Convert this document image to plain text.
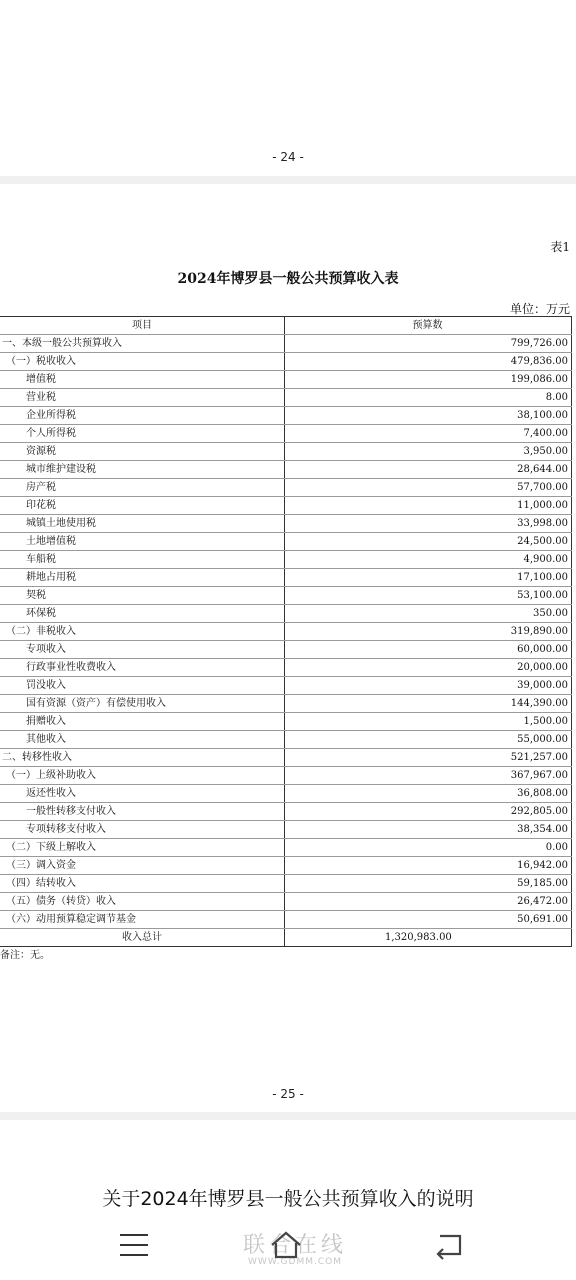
- 24 -
表1
2024年博罗县一般公共预算收入表
单位：万元
项目	预算数
一、本级一般公共预算收入	799,726.00
（一）税收收入	479,836.00
增值税	199,086.00
营业税	8.00
企业所得税	38,100.00
个人所得税	7,400.00
资源税	3,950.00
城市维护建设税	28,644.00
房产税	57,700.00
印花税	11,000.00
城镇土地使用税	33,998.00
土地增值税	24,500.00
车船税	4,900.00
耕地占用税	17,100.00
契税	53,100.00
环保税	350.00
（二）非税收入	319,890.00
专项收入	60,000.00
行政事业性收费收入	20,000.00
罚没收入	39,000.00
国有资源（资产）有偿使用收入	144,390.00
捐赠收入	1,500.00
其他收入	55,000.00
二、转移性收入	521,257.00
（一）上级补助收入	367,967.00
返还性收入	36,808.00
一般性转移支付收入	292,805.00
专项转移支付收入	38,354.00
（二）下级上解收入	0.00
（三）调入资金	16,942.00
（四）结转收入	59,185.00
（五）债务（转贷）收入	26,472.00
（六）动用预算稳定调节基金	50,691.00
收入总计	1,320,983.00
备注：无。
- 25 -
关于2024年博罗县一般公共预算收入的说明
联合在线
WWW.GDMM.COM
